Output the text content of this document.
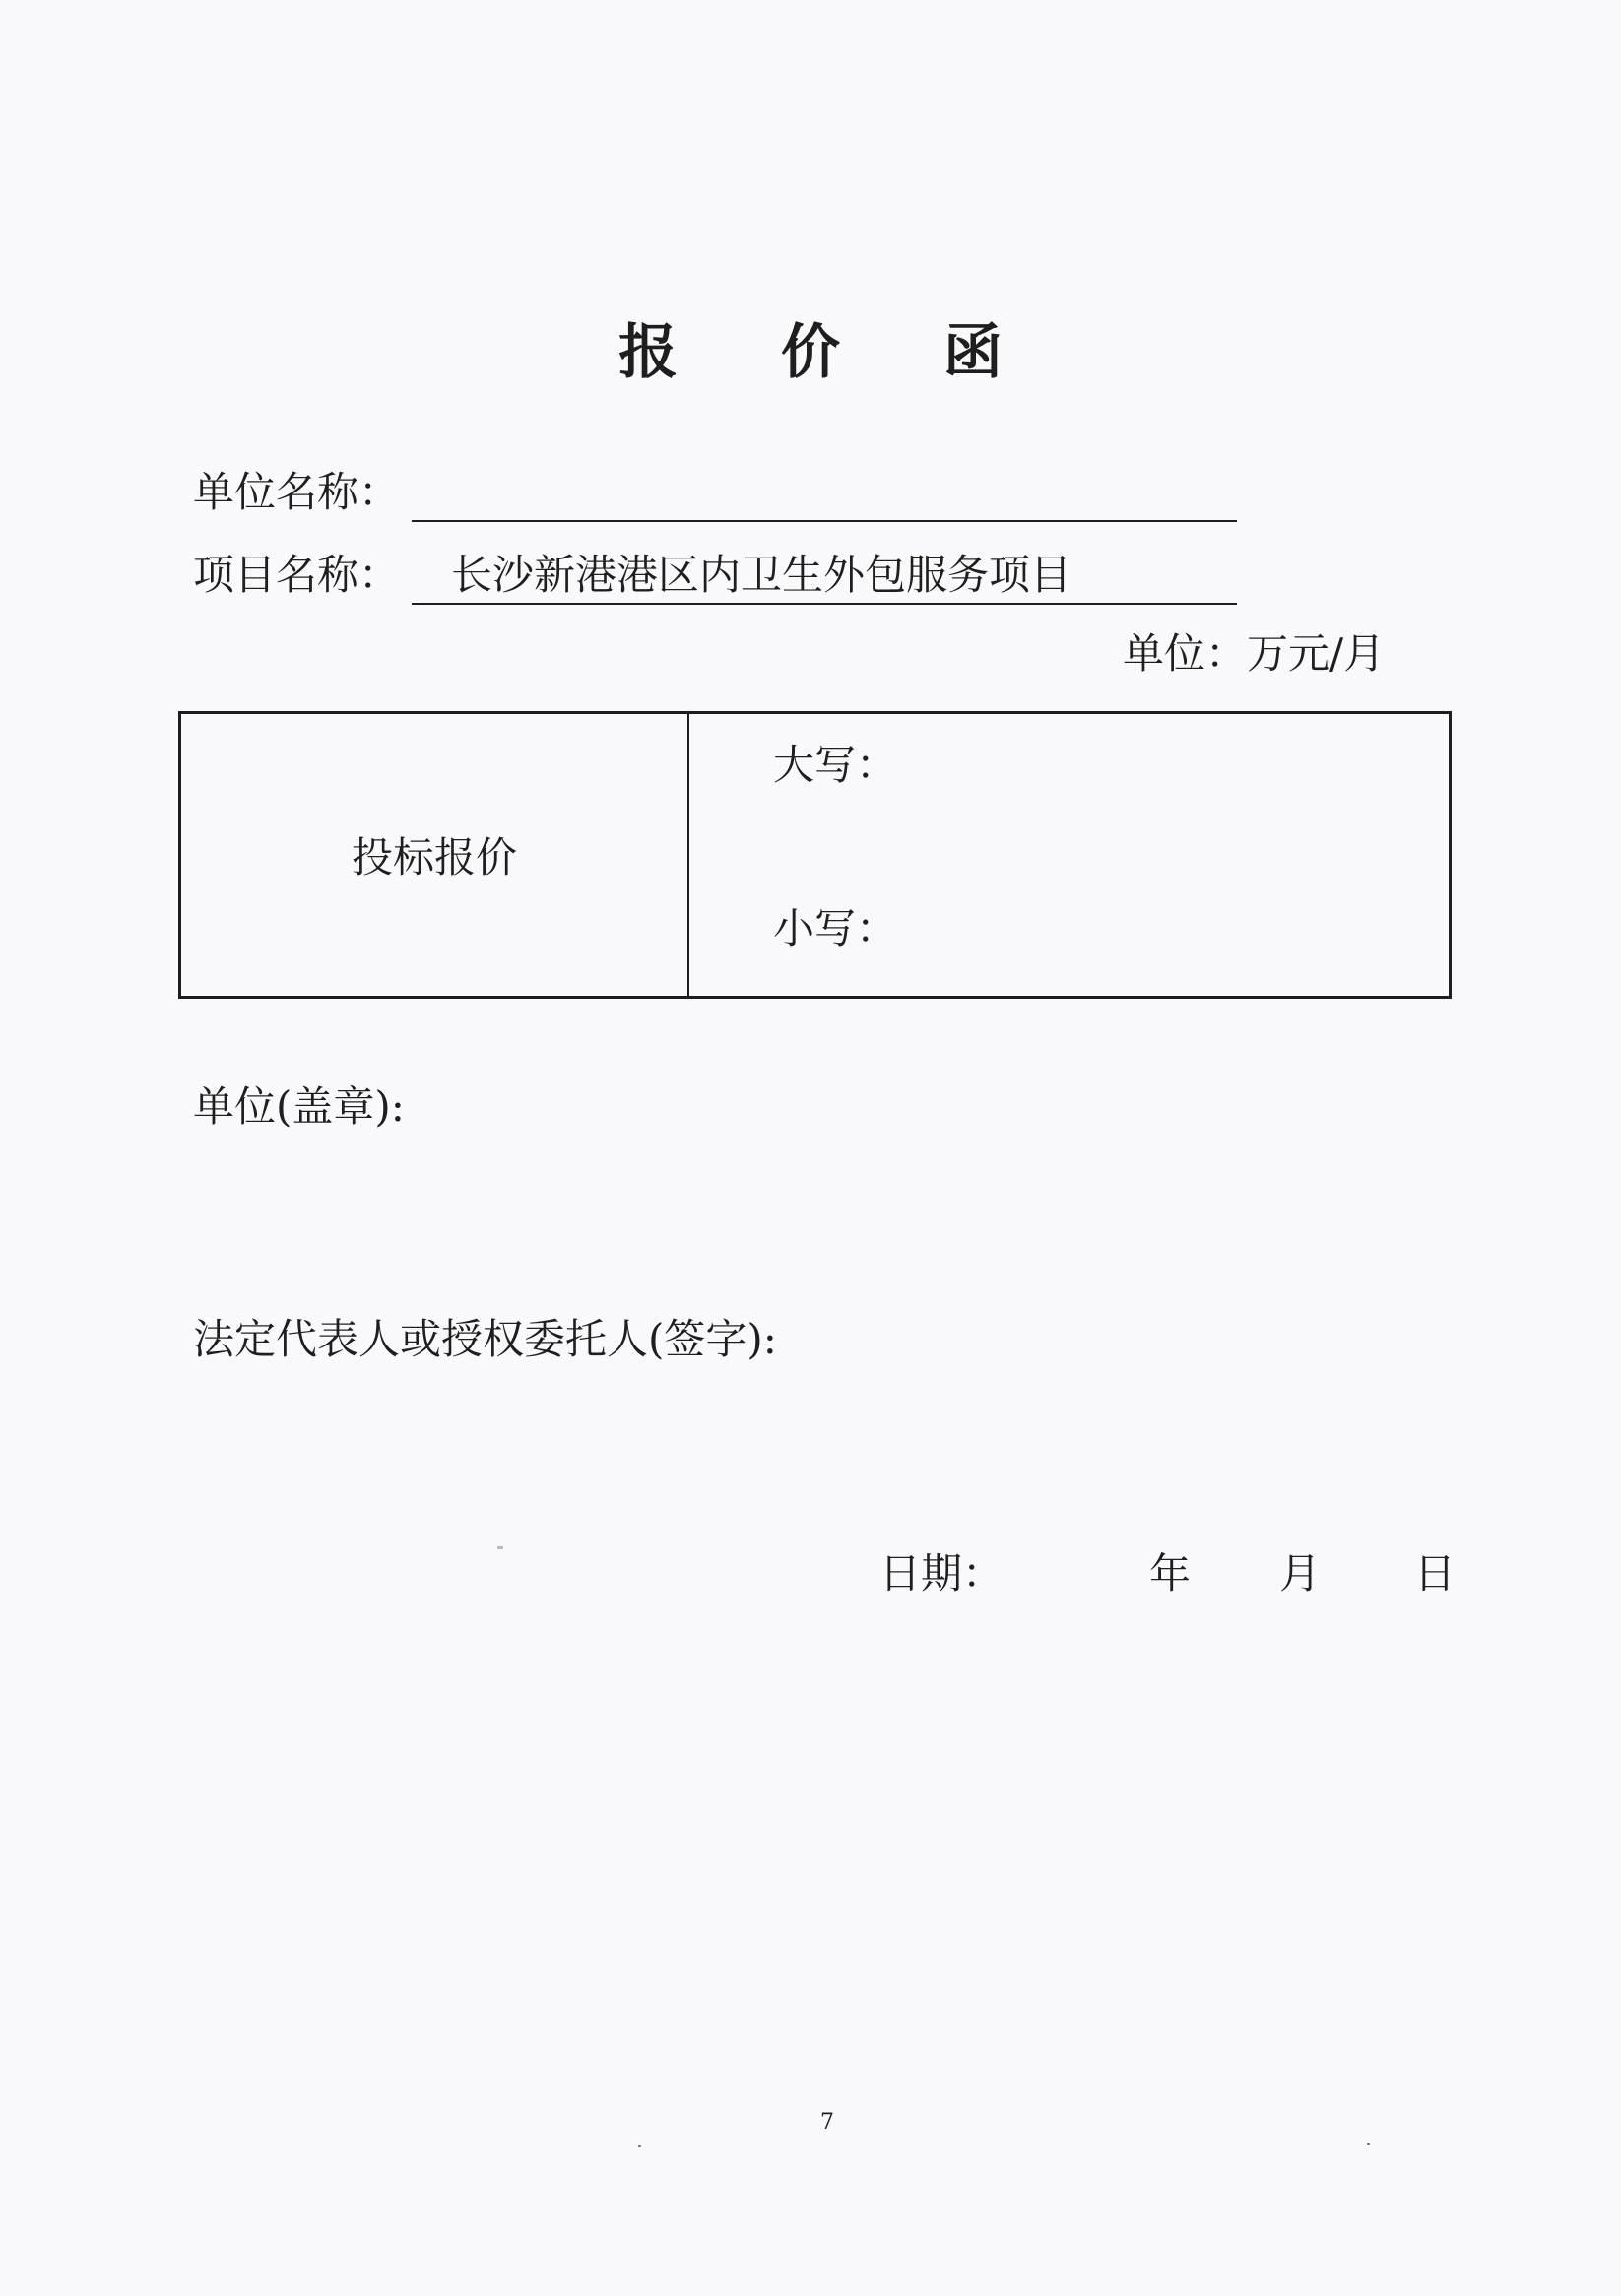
报 价 函
单位名称：
项目名称：	长沙新港港区内卫生外包服务项目
单位：万元/月
投标报价
大写：
小写：
单位(盖章):
法定代表人或授权委托人(签字):
日期：	年 月 日
7
